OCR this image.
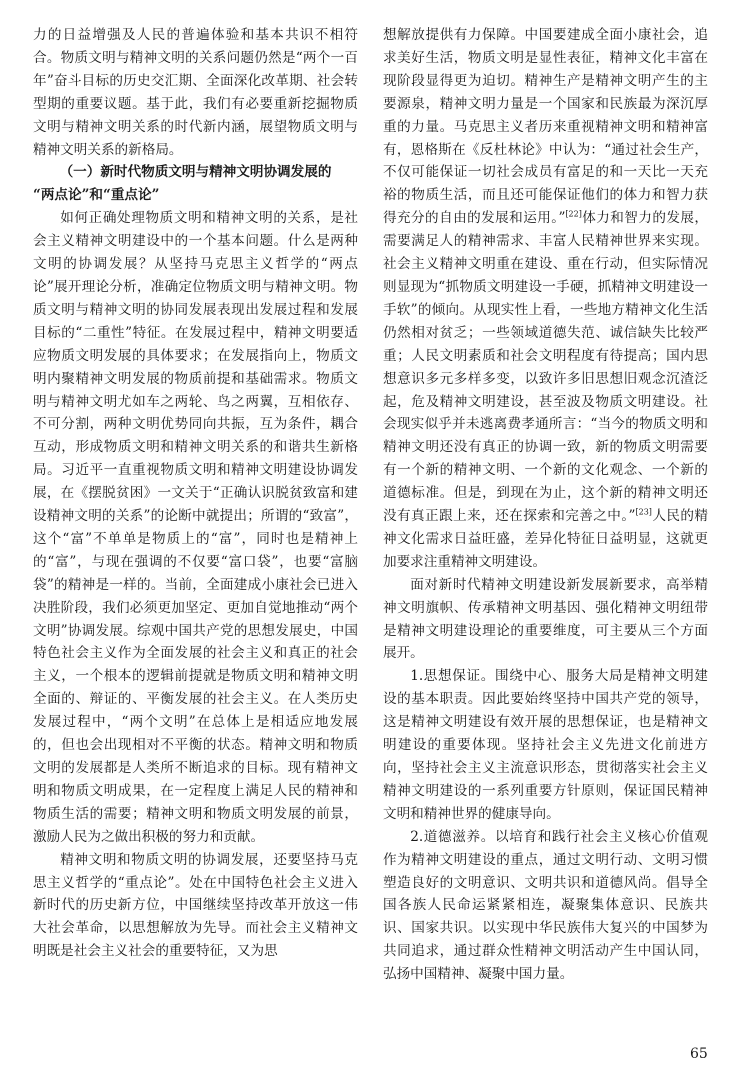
力的日益增强及人民的普遍体验和基本共识不相符合。物质文明与精神文明的关系问题仍然是“两个一百年”奋斗目标的历史交汇期、全面深化改革期、社会转型期的重要议题。基于此，我们有必要重新挖掘物质文明与精神文明关系的时代新内涵，展望物质文明与精神文明关系的新格局。

（一）新时代物质文明与精神文明协调发展的
“两点论”和“重点论”

如何正确处理物质文明和精神文明的关系，是社会主义精神文明建设中的一个基本问题。什么是两种文明的协调发展？从坚持马克思主义哲学的“两点论”展开理论分析，准确定位物质文明与精神文明。物质文明与精神文明的协同发展表现出发展过程和发展目标的“二重性”特征。在发展过程中，精神文明要适应物质文明发展的具体要求；在发展指向上，物质文明内聚精神文明发展的物质前提和基础需求。物质文明与精神文明尤如车之两轮、鸟之两翼，互相依存、不可分割，两种文明优势同向共振，互为条件，耦合互动，形成物质文明和精神文明关系的和谐共生新格局。习近平一直重视物质文明和精神文明建设协调发展，在《摆脱贫困》一文关于“正确认识脱贫致富和建设精神文明的关系”的论断中就提出；所谓的“致富”，这个“富”不单单是物质上的“富”，同时也是精神上的“富”，与现在强调的不仅要“富口袋”，也要“富脑袋”的精神是一样的。当前，全面建成小康社会已进入决胜阶段，我们必须更加坚定、更加自觉地推动“两个文明”协调发展。综观中国共产党的思想发展史，中国特色社会主义作为全面发展的社会主义和真正的社会主义，一个根本的逻辑前提就是物质文明和精神文明全面的、辩证的、平衡发展的社会主义。在人类历史发展过程中，“两个文明”在总体上是相适应地发展的，但也会出现相对不平衡的状态。精神文明和物质文明的发展都是人类所不断追求的目标。现有精神文明和物质文明成果，在一定程度上满足人民的精神和物质生活的需要；精神文明和物质文明发展的前景，激励人民为之做出积极的努力和贡献。

精神文明和物质文明的协调发展，还要坚持马克思主义哲学的“重点论”。处在中国特色社会主义进入新时代的历史新方位，中国继续坚持改革开放这一伟大社会革命，以思想解放为先导。而社会主义精神文明既是社会主义社会的重要特征，又为思

想解放提供有力保障。中国要建成全面小康社会，追求美好生活，物质文明是显性表征，精神文化丰富在现阶段显得更为迫切。精神生产是精神文明产生的主要源泉，精神文明力量是一个国家和民族最为深沉厚重的力量。马克思主义者历来重视精神文明和精神富有，恩格斯在《反杜林论》中认为：“通过社会生产，不仅可能保证一切社会成员有富足的和一天比一天充裕的物质生活，而且还可能保证他们的体力和智力获得充分的自由的发展和运用。”[22]体力和智力的发展，需要满足人的精神需求、丰富人民精神世界来实现。社会主义精神文明重在建设、重在行动，但实际情况则显现为“抓物质文明建设一手硬，抓精神文明建设一手软”的倾向。从现实性上看，一些地方精神文化生活仍然相对贫乏；一些领域道德失范、诚信缺失比较严重；人民文明素质和社会文明程度有待提高；国内思想意识多元多样多变，以致许多旧思想旧观念沉渣泛起，危及精神文明建设，甚至波及物质文明建设。社会现实似乎并未逃离费孝通所言：“当今的物质文明和精神文明还没有真正的协调一致，新的物质文明需要有一个新的精神文明、一个新的文化观念、一个新的道德标准。但是，到现在为止，这个新的精神文明还没有真正跟上来，还在探索和完善之中。”[23]人民的精神文化需求日益旺盛，差异化特征日益明显，这就更加要求注重精神文明建设。

面对新时代精神文明建设新发展新要求，高举精神文明旗帜、传承精神文明基因、强化精神文明纽带是精神文明建设理论的重要维度，可主要从三个方面展开。

1.思想保证。围绕中心、服务大局是精神文明建设的基本职责。因此要始终坚持中国共产党的领导，这是精神文明建设有效开展的思想保证，也是精神文明建设的重要体现。坚持社会主义先进文化前进方向，坚持社会主义主流意识形态，贯彻落实社会主义精神文明建设的一系列重要方针原则，保证国民精神文明和精神世界的健康导向。

2.道德滋养。以培育和践行社会主义核心价值观作为精神文明建设的重点，通过文明行动、文明习惯塑造良好的文明意识、文明共识和道德风尚。倡导全国各族人民命运紧紧相连，凝聚集体意识、民族共识、国家共识。以实现中华民族伟大复兴的中国梦为共同追求，通过群众性精神文明活动产生中国认同，弘扬中国精神、凝聚中国力量。

65
